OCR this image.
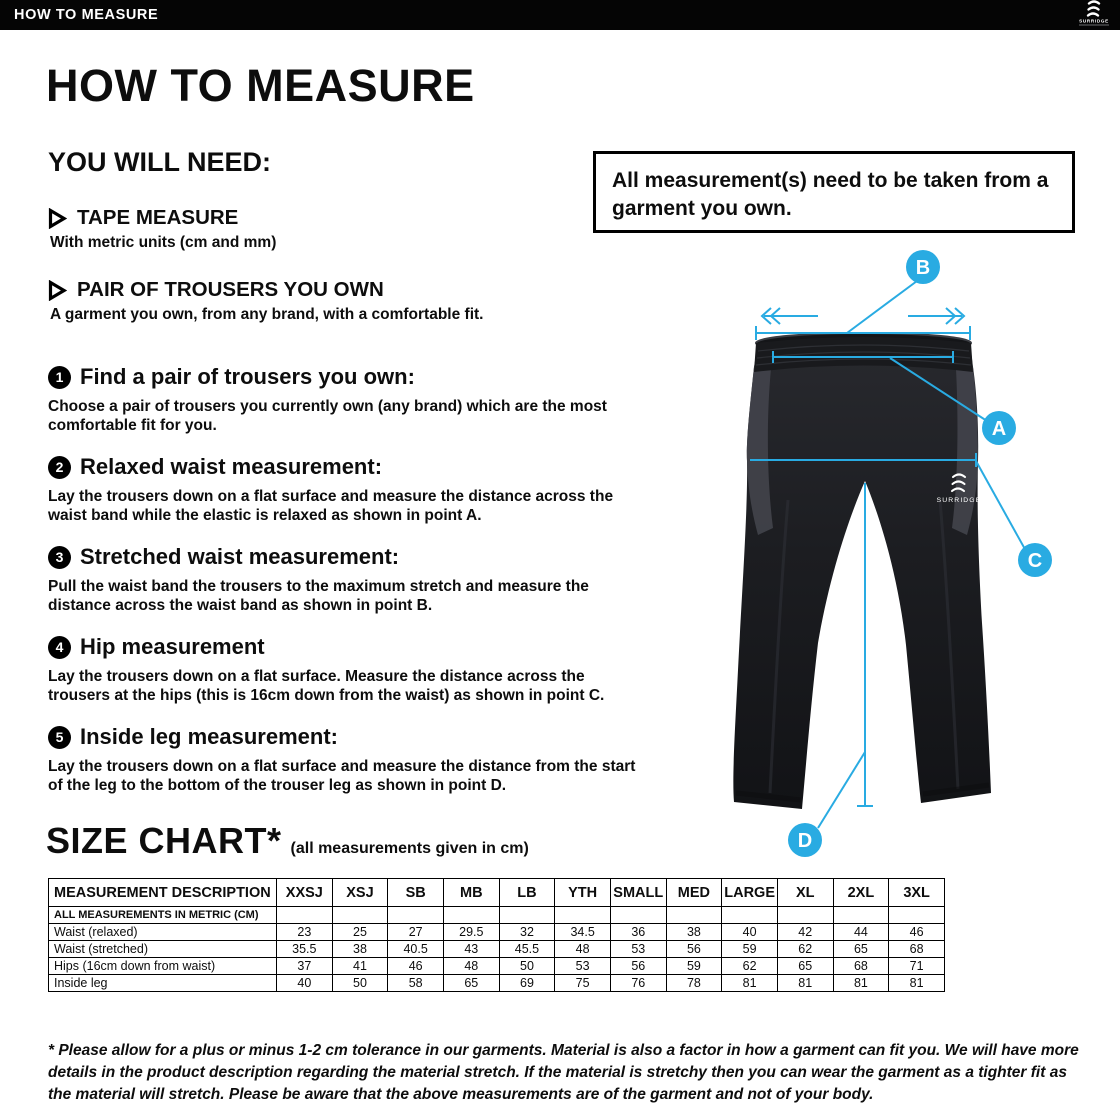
HOW TO MEASURE	SURRIDGE
HOW TO MEASURE
YOU WILL NEED:
TAPE MEASURE
With metric units (cm and mm)
PAIR OF TROUSERS YOU OWN
A garment you own, from any brand, with a comfortable fit.
All measurement(s) need to be taken from a garment you own.
1 Find a pair of trousers you own:
Choose a pair of trousers you currently own (any brand) which are the most comfortable fit for you.
2 Relaxed waist measurement:
Lay the trousers down on a flat surface and measure the distance across the waist band while the elastic is relaxed as shown in point A.
3 Stretched waist measurement:
Pull the waist band the trousers to the maximum stretch and measure the distance across the waist band as shown in point B.
4 Hip measurement
Lay the trousers down on a flat surface. Measure the distance across the trousers at the hips (this is 16cm down from the waist) as shown in point C.
5 Inside leg measurement:
Lay the trousers down on a flat surface and measure the distance from the start of the leg to the bottom of the trouser leg as shown in point D.
SURRIDGE
B
A
C
D
SIZE CHART* (all measurements given in cm)
MEASUREMENT DESCRIPTION	XXSJ	XSJ	SB	MB	LB	YTH	SMALL	MED	LARGE	XL	2XL	3XL
ALL MEASUREMENTS IN METRIC (CM)												
Waist (relaxed)	23	25	27	29.5	32	34.5	36	38	40	42	44	46
Waist (stretched)	35.5	38	40.5	43	45.5	48	53	56	59	62	65	68
Hips (16cm down from waist)	37	41	46	48	50	53	56	59	62	65	68	71
Inside leg	40	50	58	65	69	75	76	78	81	81	81	81

* Please allow for a plus or minus 1-2 cm tolerance in our garments. Material is also a factor in how a garment can fit you. We will have more details in the product description regarding the material stretch. If the material is stretchy then you can wear the garment as a tighter fit as the material will stretch. Please be aware that the above measurements are of the garment and not of your body.
